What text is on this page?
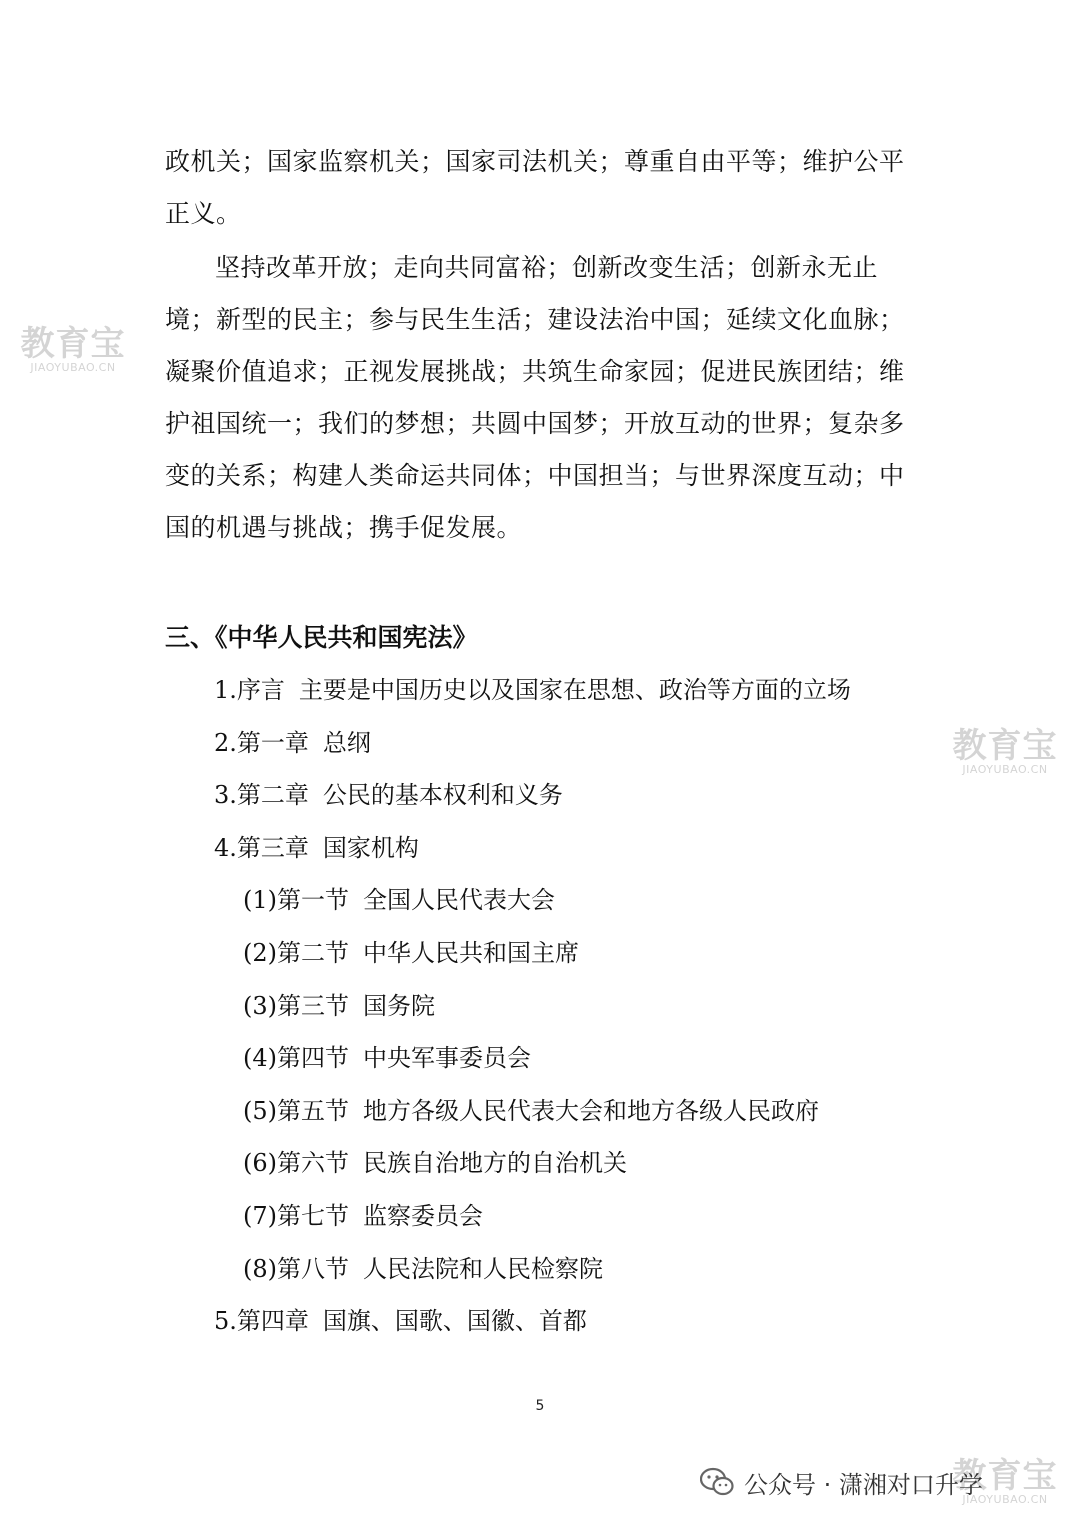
政机关；国家监察机关；国家司法机关；尊重自由平等；维护公平正义。

坚持改革开放；走向共同富裕；创新改变生活；创新永无止境；新型的民主；参与民生生活；建设法治中国；延续文化血脉；凝聚价值追求；正视发展挑战；共筑生命家园；促进民族团结；维护祖国统一；我们的梦想；共圆中国梦；开放互动的世界；复杂多变的关系；构建人类命运共同体；中国担当；与世界深度互动；中国的机遇与挑战；携手促发展。

三、《中华人民共和国宪法》
1.序言 主要是中国历史以及国家在思想、政治等方面的立场
2.第一章 总纲
3.第二章 公民的基本权利和义务
4.第三章 国家机构
(1)第一节 全国人民代表大会
(2)第二节 中华人民共和国主席
(3)第三节 国务院
(4)第四节 中央军事委员会
(5)第五节 地方各级人民代表大会和地方各级人民政府
(6)第六节 民族自治地方的自治机关
(7)第七节 监察委员会
(8)第八节 人民法院和人民检察院
5.第四章 国旗、国歌、国徽、首都
5
教育宝
JIAOYUBAO.CN
教育宝
JIAOYUBAO.CN
教育宝
JIAOYUBAO.CN
公众号 · 潇湘对口升学
